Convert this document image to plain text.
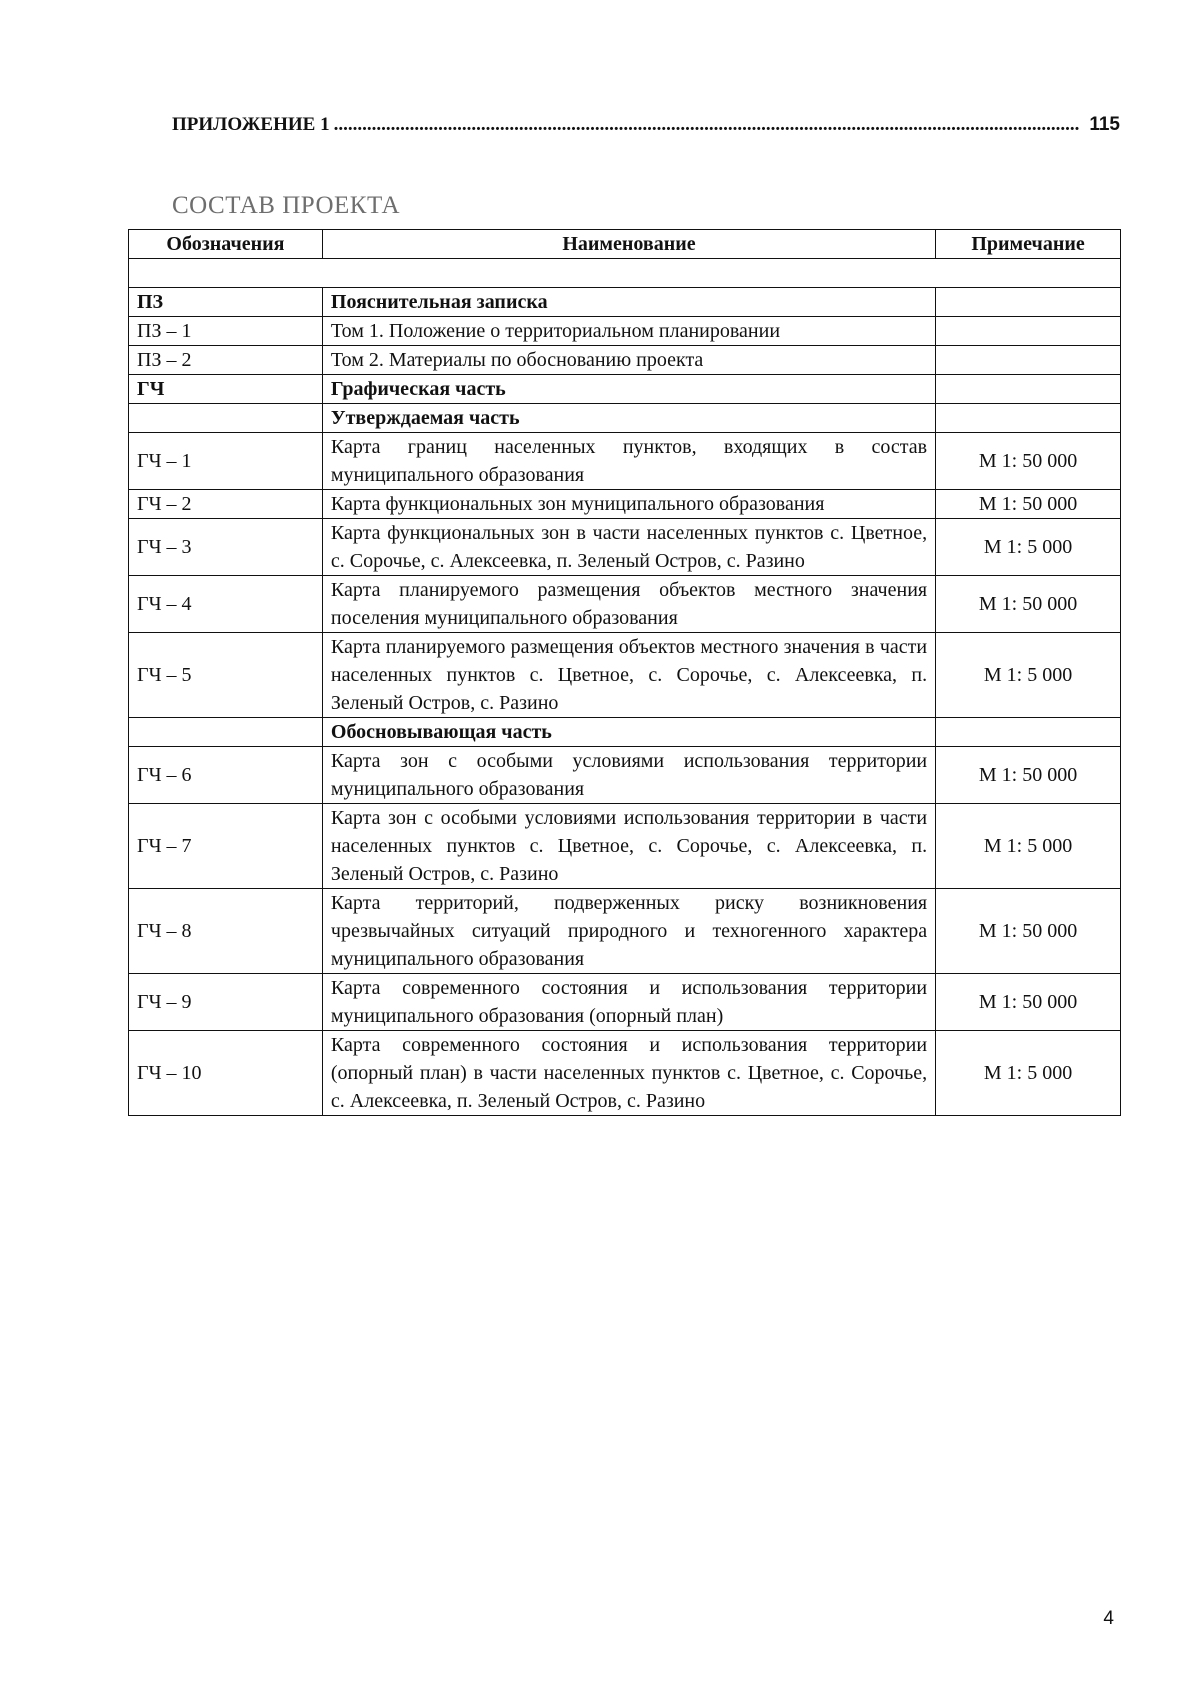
ПРИЛОЖЕНИЕ 1 ............................................................................................................................................................. 115
СОСТАВ ПРОЕКТА
Обозначения	Наименование	Примечание

ПЗ	Пояснительная записка	
ПЗ – 1	Том 1. Положение о территориальном планировании	
ПЗ – 2	Том 2. Материалы по обоснованию проекта	
ГЧ	Графическая часть	
	Утверждаемая часть	
ГЧ – 1	Карта границ населенных пунктов, входящих в состав муниципального образования	М 1: 50 000
ГЧ – 2	Карта функциональных зон муниципального образования	М 1: 50 000
ГЧ – 3	Карта функциональных зон в части населенных пунктов с. Цветное, с. Сорочье, с. Алексеевка, п. Зеленый Остров, с. Разино	М 1: 5 000
ГЧ – 4	Карта планируемого размещения объектов местного значения поселения муниципального образования	М 1: 50 000
ГЧ – 5	Карта планируемого размещения объектов местного значения в части населенных пунктов с. Цветное, с. Сорочье, с. Алексеевка, п. Зеленый Остров, с. Разино	М 1: 5 000
	Обосновывающая часть	
ГЧ – 6	Карта зон с особыми условиями использования территории муниципального образования	М 1: 50 000
ГЧ – 7	Карта зон с особыми условиями использования территории в части населенных пунктов с. Цветное, с. Сорочье, с. Алексеевка, п. Зеленый Остров, с. Разино	М 1: 5 000
ГЧ – 8	Карта территорий, подверженных риску возникновения чрезвычайных ситуаций природного и техногенного характера муниципального образования	М 1: 50 000
ГЧ – 9	Карта современного состояния и использования территории муниципального образования (опорный план)	М 1: 50 000
ГЧ – 10	Карта современного состояния и использования территории (опорный план) в части населенных пунктов с. Цветное, с. Сорочье, с. Алексеевка, п. Зеленый Остров, с. Разино	М 1: 5 000
4
